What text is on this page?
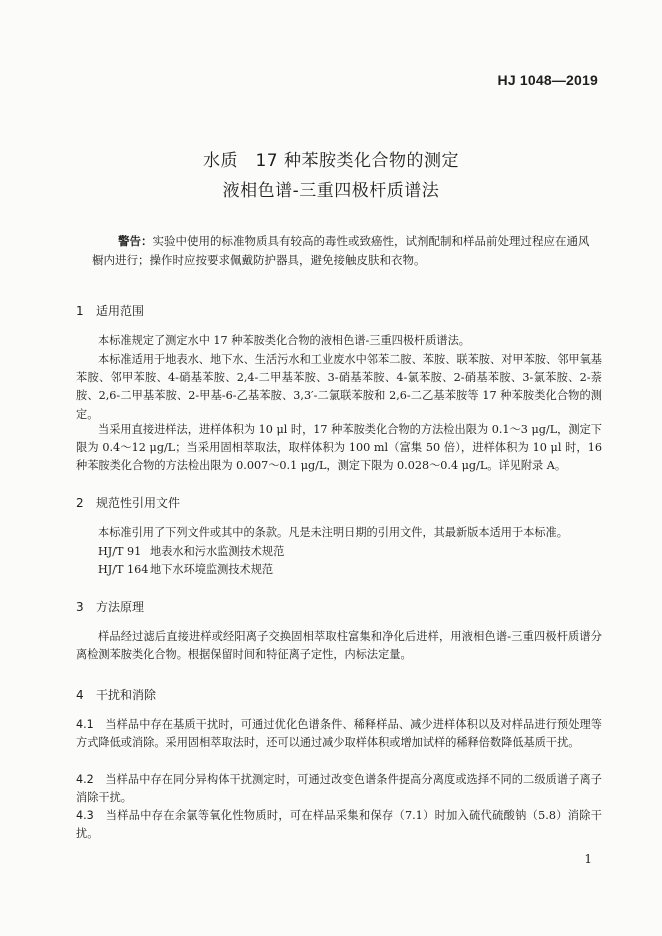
HJ 1048—2019
水质　17 种苯胺类化合物的测定
液相色谱-三重四极杆质谱法
警告：实验中使用的标准物质具有较高的毒性或致癌性，试剂配制和样品前处理过程应在通风橱内进行；操作时应按要求佩戴防护器具，避免接触皮肤和衣物。
1 适用范围

本标准规定了测定水中 17 种苯胺类化合物的液相色谱-三重四极杆质谱法。

本标准适用于地表水、地下水、生活污水和工业废水中邻苯二胺、苯胺、联苯胺、对甲苯胺、邻甲氧基苯胺、邻甲苯胺、4-硝基苯胺、2,4-二甲基苯胺、3-硝基苯胺、4-氯苯胺、2-硝基苯胺、3-氯苯胺、2-萘胺、2,6-二甲基苯胺、2-甲基-6-乙基苯胺、3,3′-二氯联苯胺和 2,6-二乙基苯胺等 17 种苯胺类化合物的测定。

当采用直接进样法，进样体积为 10 μl 时，17 种苯胺类化合物的方法检出限为 0.1～3 μg/L，测定下限为 0.4～12 μg/L；当采用固相萃取法，取样体积为 100 ml（富集 50 倍），进样体积为 10 μl 时，16 种苯胺类化合物的方法检出限为 0.007～0.1 μg/L，测定下限为 0.028～0.4 μg/L。详见附录 A。

2 规范性引用文件

本标准引用了下列文件或其中的条款。凡是未注明日期的引用文件，其最新版本适用于本标准。

HJ/T 91 地表水和污水监测技术规范
HJ/T 164 地下水环境监测技术规范
3 方法原理

样品经过滤后直接进样或经阳离子交换固相萃取柱富集和净化后进样，用液相色谱-三重四极杆质谱分离检测苯胺类化合物。根据保留时间和特征离子定性，内标法定量。

4 干扰和消除

4.1 当样品中存在基质干扰时，可通过优化色谱条件、稀释样品、减少进样体积以及对样品进行预处理等方式降低或消除。采用固相萃取法时，还可以通过减少取样体积或增加试样的稀释倍数降低基质干扰。

4.2 当样品中存在同分异构体干扰测定时，可通过改变色谱条件提高分离度或选择不同的二级质谱子离子消除干扰。

4.3 当样品中存在余氯等氧化性物质时，可在样品采集和保存（7.1）时加入硫代硫酸钠（5.8）消除干扰。

1
